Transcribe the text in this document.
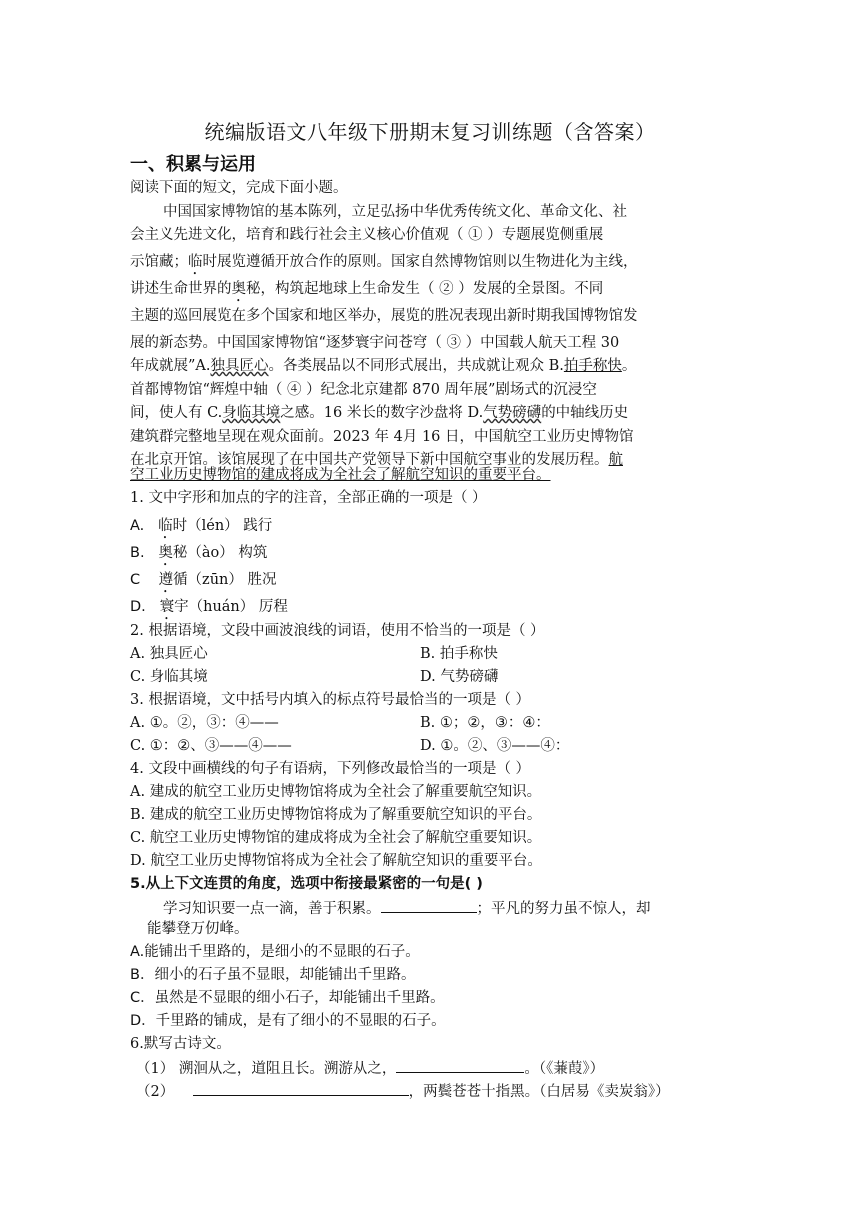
统编版语文八年级下册期末复习训练题（含答案）
一、积累与运用
阅读下面的短文，完成下面小题。
中国国家博物馆的基本陈列，立足弘扬中华优秀传统文化、革命文化、社
会主义先进文化，培育和践行社会主义核心价值观（ ① ）专题展览侧重展
示馆藏；临时展览遵循开放合作的原则。国家自然博物馆则以生物进化为主线，
讲述生命世界的奥秘，构筑起地球上生命发生（ ② ）发展的全景图。不同
主题的巡回展览在多个国家和地区举办，展览的胜况表现出新时期我国博物馆发
展的新态势。中国国家博物馆“逐梦寰宇问苍穹（ ③ ）中国载人航天工程 30
年成就展”A.独具匠心。各类展品以不同形式展出，共成就让观众 B.拍手称快。
首都博物馆“辉煌中轴（ ④ ）纪念北京建都 870 周年展”剧场式的沉浸空
间，使人有 C.身临其境之感。16 米长的数字沙盘将 D.气势磅礴的中轴线历史
建筑群完整地呈现在观众面前。2023 年 4月 16 日，中国航空工业历史博物馆
在北京开馆。该馆展现了在中国共产党领导下新中国航空事业的发展历程。航
空工业历史博物馆的建成将成为全社会了解航空知识的重要平台。
1. 文中字形和加点的字的注音，全部正确的一项是（ ）
A. 临时（lén） 践行
B. 奥秘（ào） 构筑
C 遵循（zūn） 胜况
D. 寰宇（huán） 厉程
2. 根据语境，文段中画波浪线的词语，使用不恰当的一项是（ ）
A. 独具匠心	B. 拍手称快
C. 身临其境	D. 气势磅礴
3. 根据语境，文中括号内填入的标点符号最恰当的一项是（ ）
A. ①。②，③：④——	B. ①；②，③：④：
C. ①：②、③——④——	D. ①。②、③——④：
4. 文段中画横线的句子有语病，下列修改最恰当的一项是（ ）
A. 建成的航空工业历史博物馆将成为全社会了解重要航空知识。
B. 建成的航空工业历史博物馆将成为了解重要航空知识的平台。
C. 航空工业历史博物馆的建成将成为全社会了解航空重要知识。
D. 航空工业历史博物馆将成为全社会了解航空知识的重要平台。
5.从上下文连贯的角度，选项中衔接最紧密的一句是( )
学习知识要一点一滴，善于积累。	；平凡的努力虽不惊人，却
能攀登万仞峰。
A.能铺出千里路的，是细小的不显眼的石子。
B．细小的石子虽不显眼，却能铺出千里路。
C．虽然是不显眼的细小石子，却能铺出千里路。
D．千里路的铺成，是有了细小的不显眼的石子。
6.默写古诗文。
（1） 溯洄从之，道阻且长。溯游从之，	。（《蒹葭》）
（2）	，两鬓苍苍十指黑。（白居易《卖炭翁》）
